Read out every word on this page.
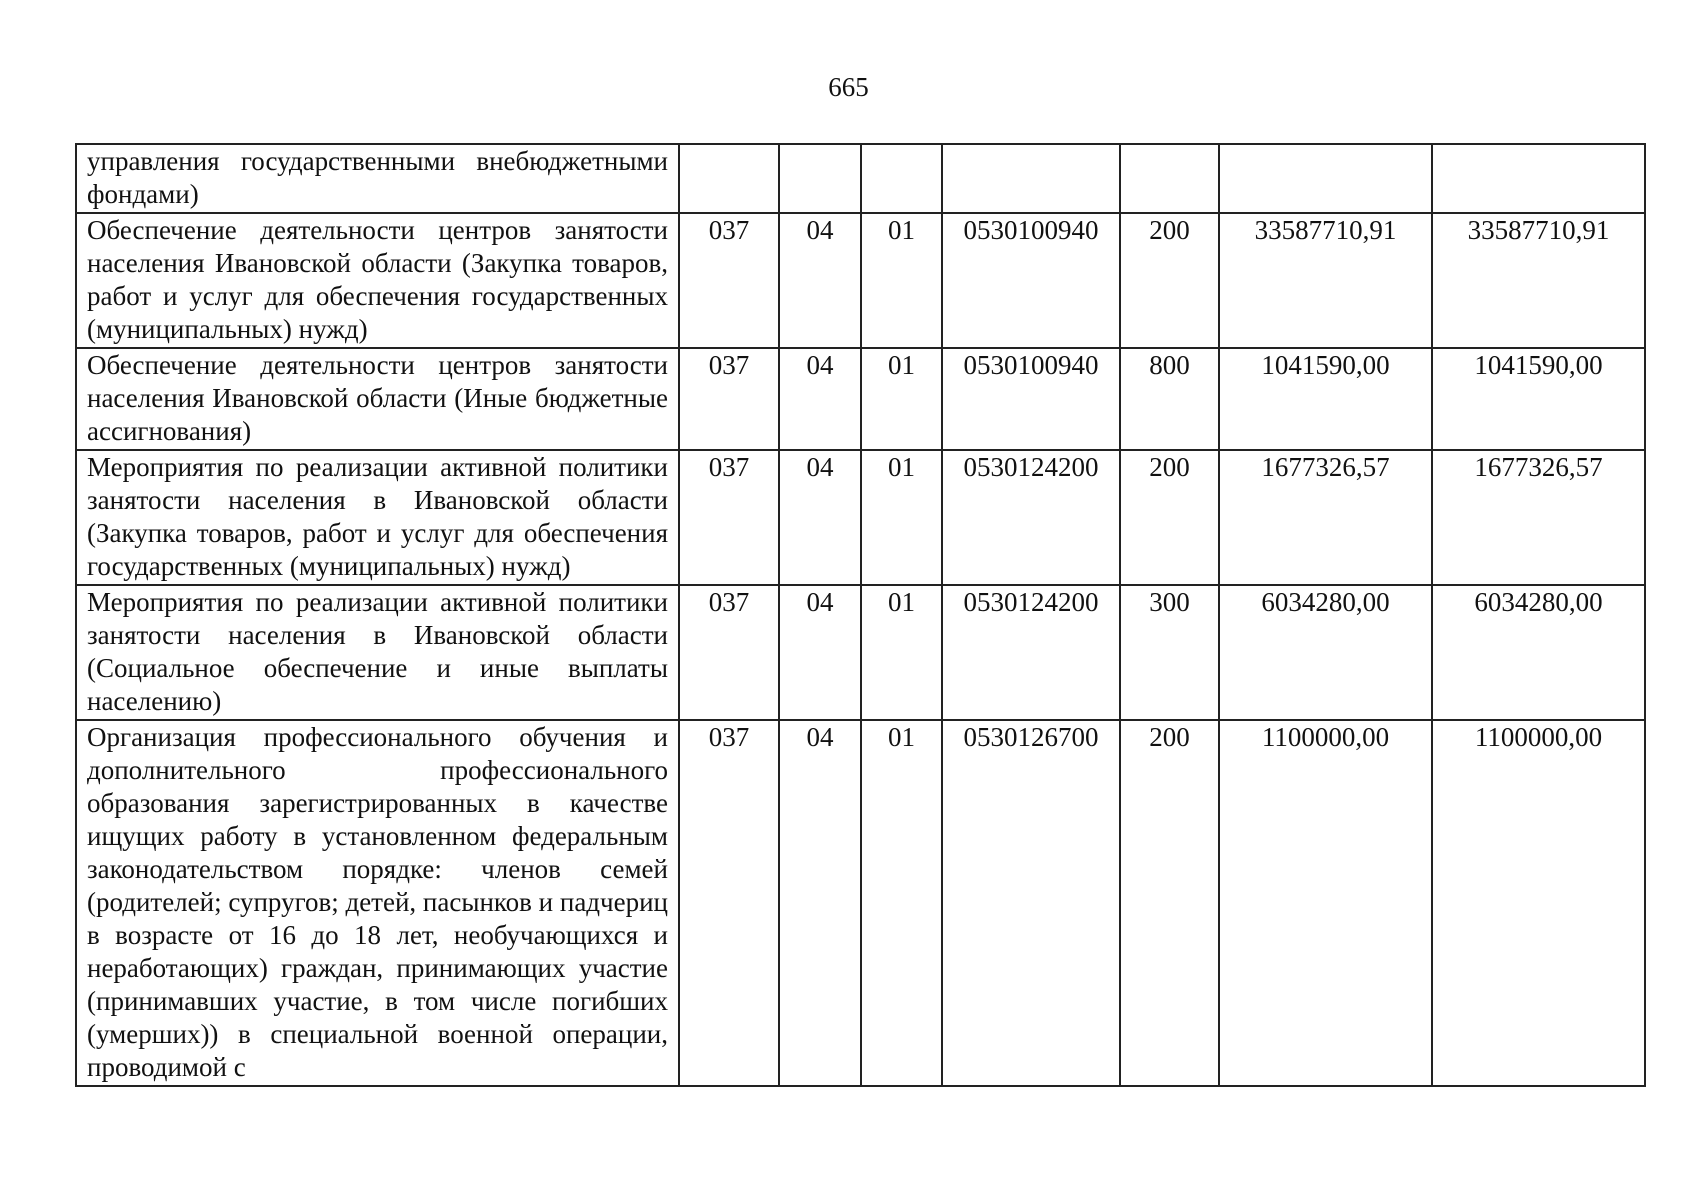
665
управления государственными внебюджетными фондами)							
Обеспечение деятельности центров занятости населения Ивановской области (Закупка товаров, работ и услуг для обеспечения государственных (муниципальных) нужд)	037	04	01	0530100940	200	33587710,91	33587710,91
Обеспечение деятельности центров занятости населения Ивановской области (Иные бюджетные ассигнования)	037	04	01	0530100940	800	1041590,00	1041590,00
Мероприятия по реализации активной политики занятости населения в Ивановской области (Закупка товаров, работ и услуг для обеспечения государственных (муниципальных) нужд)	037	04	01	0530124200	200	1677326,57	1677326,57
Мероприятия по реализации активной политики занятости населения в Ивановской области (Социальное обеспечение и иные выплаты населению)	037	04	01	0530124200	300	6034280,00	6034280,00
Организация профессионального обучения и дополнительного профессионального образования зарегистрированных в качестве ищущих работу в установленном федеральным законодательством порядке: членов семей (родителей; супругов; детей, пасынков и падчериц в возрасте от 16 до 18 лет, необучающихся и неработающих) граждан, принимающих участие (принимавших участие, в том числе погибших (умерших)) в специальной военной операции, проводимой с	037	04	01	0530126700	200	1100000,00	1100000,00
